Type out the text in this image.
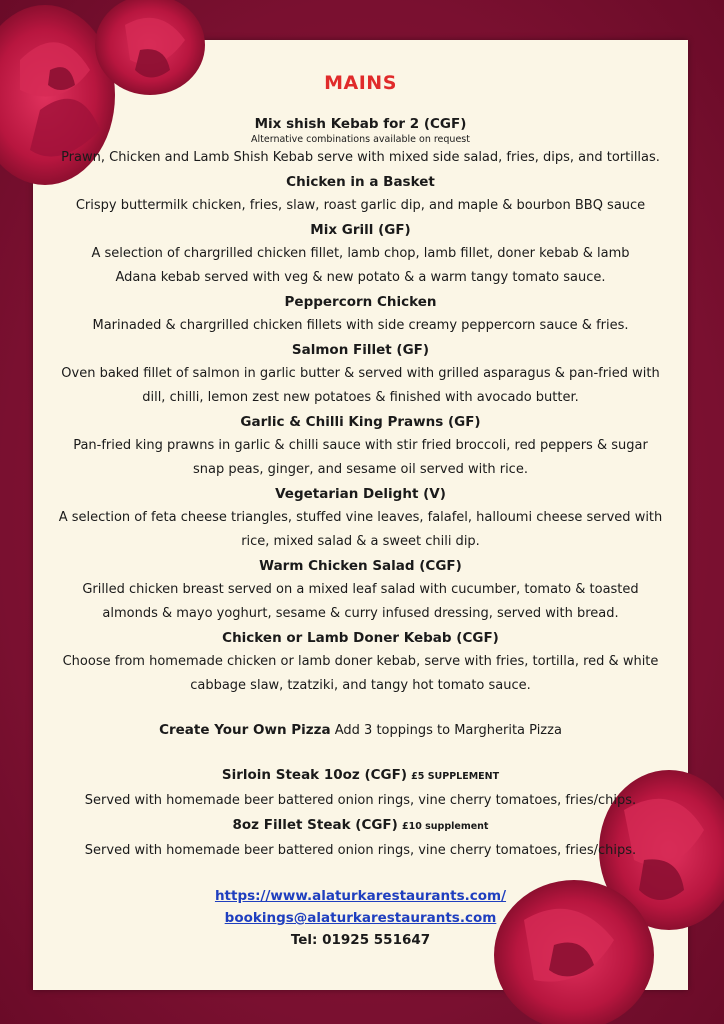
MAINS
Mix shish Kebab for 2 (CGF)
Alternative combinations available on request
Prawn, Chicken and Lamb Shish Kebab serve with mixed side salad, fries, dips, and tortillas.
Chicken in a Basket
Crispy buttermilk chicken, fries, slaw, roast garlic dip, and maple & bourbon BBQ sauce
Mix Grill (GF)
A selection of chargrilled chicken fillet, lamb chop, lamb fillet, doner kebab & lamb
Adana kebab served with veg & new potato & a warm tangy tomato sauce.
Peppercorn Chicken
Marinaded & chargrilled chicken fillets with side creamy peppercorn sauce & fries.
Salmon Fillet (GF)
Oven baked fillet of salmon in garlic butter & served with grilled asparagus & pan-fried with
dill, chilli, lemon zest new potatoes & finished with avocado butter.
Garlic & Chilli King Prawns (GF)
Pan-fried king prawns in garlic & chilli sauce with stir fried broccoli, red peppers & sugar
snap peas, ginger, and sesame oil served with rice.
Vegetarian Delight (V)
A selection of feta cheese triangles, stuffed vine leaves, falafel, halloumi cheese served with
rice, mixed salad & a sweet chili dip.
Warm Chicken Salad (CGF)
Grilled chicken breast served on a mixed leaf salad with cucumber, tomato & toasted
almonds & mayo yoghurt, sesame & curry infused dressing, served with bread.
Chicken or Lamb Doner Kebab (CGF)
Choose from homemade chicken or lamb doner kebab, serve with fries, tortilla, red & white
cabbage slaw, tzatziki, and tangy hot tomato sauce.
Create Your Own Pizza Add 3 toppings to Margherita Pizza
Sirloin Steak 10oz (CGF) £5 SUPPLEMENT
Served with homemade beer battered onion rings, vine cherry tomatoes, fries/chips.
8oz Fillet Steak (CGF) £10 supplement
Served with homemade beer battered onion rings, vine cherry tomatoes, fries/chips.
https://www.alaturkarestaurants.com/
bookings@alaturkarestaurants.com
Tel: 01925 551647
